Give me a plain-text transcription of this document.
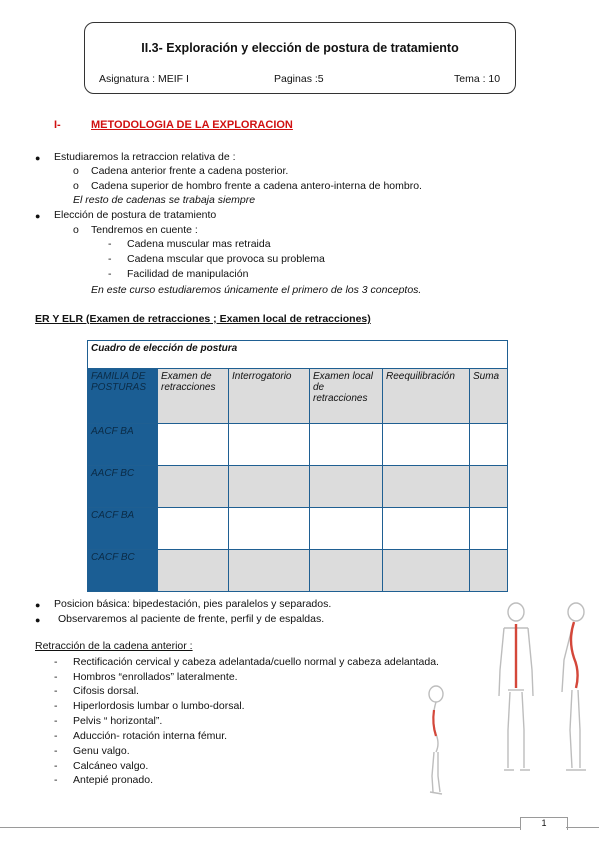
II.3- Exploración y elección de postura de tratamiento
Asignatura : MEIF I	Paginas :5	Tema : 10
I-	METODOLOGIA DE LA EXPLORACION
● Estudiaremos la retraccion relativa de :
o Cadena anterior frente a cadena posterior.
o Cadena superior de hombro frente a cadena antero-interna de hombro.
El resto de cadenas se trabaja siempre
● Elección de postura de tratamiento
o Tendremos en cuente :
- Cadena muscular mas retraida
- Cadena mscular que provoca su problema
- Facilidad de manipulación
En este curso estudiaremos únicamente el primero de los 3 conceptos.
ER Y ELR (Examen de retracciones ; Examen local de retracciones)
Cuadro de elección de postura					
FAMILIA DE POSTURAS	Examen de retracciones	Interrogatorio	Examen local de retracciones	Reequilibración	Suma
AACF BA					
AACF BC					
CACF BA					
CACF BC					
● Posicion básica: bipedestación, pies paralelos y separados.
● Observaremos al paciente de frente, perfil y de espaldas.
Retracción de la cadena anterior :
- Rectificación cervical y cabeza adelantada/cuello normal y cabeza adelantada.
- Hombros “enrollados” lateralmente.
- Cifosis dorsal.
- Hiperlordosis lumbar o lumbo-dorsal.
- Pelvis “ horizontal”.
- Aducción- rotación interna fémur.
- Genu valgo.
- Calcáneo valgo.
- Antepié pronado.
1
